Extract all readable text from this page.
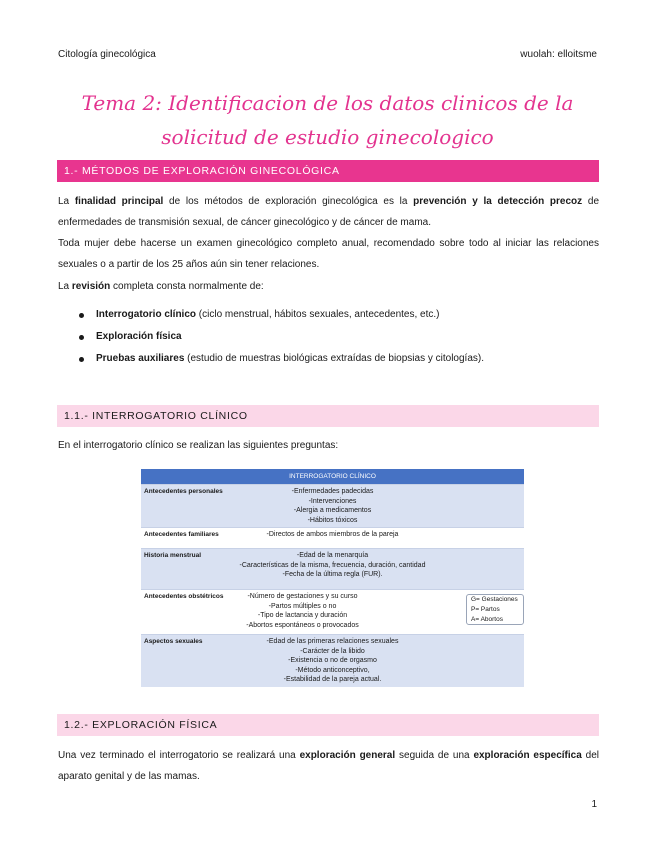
Citología ginecológica	wuolah: elloitsme
Tema 2: Identificacion de los datos clinicos de la solicitud de estudio ginecologico
1.- MÉTODOS DE EXPLORACIÓN GINECOLÓGICA
La finalidad principal de los métodos de exploración ginecológica es la prevención y la detección precoz de enfermedades de transmisión sexual, de cáncer ginecológico y de cáncer de mama.
Toda mujer debe hacerse un examen ginecológico completo anual, recomendado sobre todo al iniciar las relaciones sexuales o a partir de los 25 años aún sin tener relaciones.
La revisión completa consta normalmente de:
Interrogatorio clínico (ciclo menstrual, hábitos sexuales, antecedentes, etc.)
Exploración física
Pruebas auxiliares (estudio de muestras biológicas extraídas de biopsias y citologías).
1.1.- INTERROGATORIO CLÍNICO
En el interrogatorio clínico se realizan las siguientes preguntas:
INTERROGATORIO CLÍNICO
Antecedentes personales	-Enfermedades padecidas
-Intervenciones
-Alergia a medicamentos
-Hábitos tóxicos
Antecedentes familiares	-Directos de ambos miembros de la pareja
Historia menstrual	-Edad de la menarquía
-Características de la misma, frecuencia, duración, cantidad
-Fecha de la última regla (FUR).
Antecedentes obstétricos	-Número de gestaciones y su curso
-Partos múltiples o no
-Tipo de lactancia y duración
-Abortos espontáneos o provocados
G= Gestaciones
P= Partos
A= Abortos
Aspectos sexuales	-Edad de las primeras relaciones sexuales
-Carácter de la libido
-Existencia o no de orgasmo
-Método anticonceptivo,
-Estabilidad de la pareja actual.
1.2.- EXPLORACIÓN FÍSICA
Una vez terminado el interrogatorio se realizará una exploración general seguida de una exploración específica del aparato genital y de las mamas.
1
